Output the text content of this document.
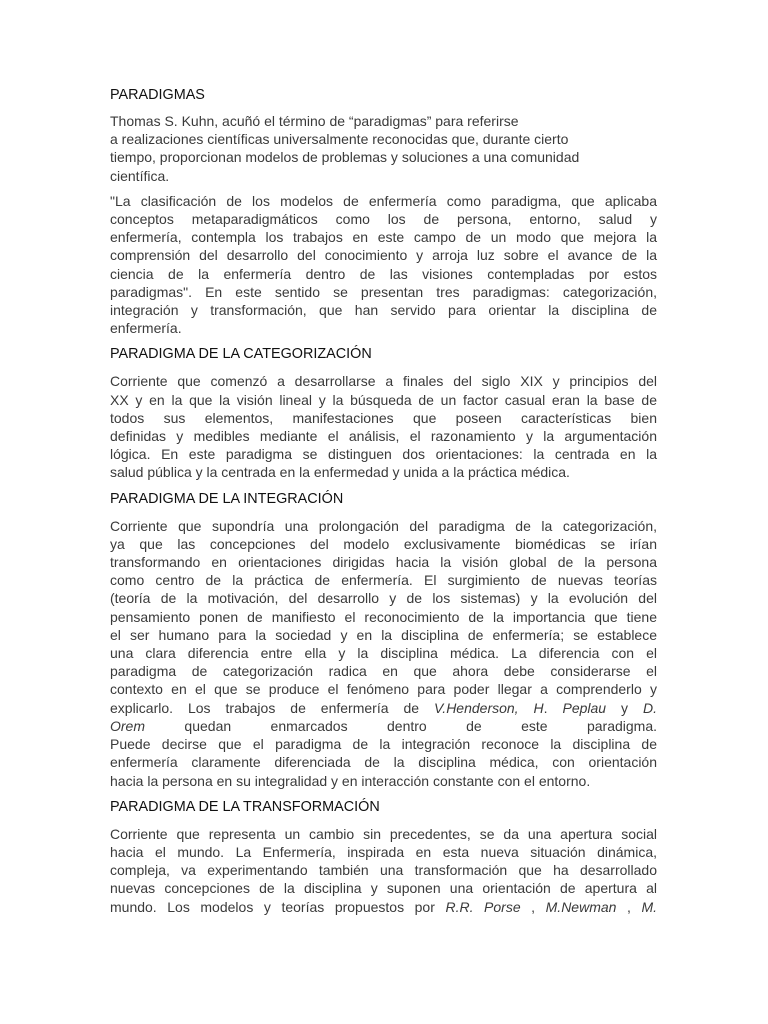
PARADIGMAS
Thomas S. Kuhn, acuñó el término de “paradigmas” para referirse
a realizaciones científicas universalmente reconocidas que, durante cierto
tiempo, proporcionan modelos de problemas y soluciones a una comunidad
científica.
"La clasificación de los modelos de enfermería como paradigma, que aplicaba
conceptos metaparadigmáticos como los de persona, entorno, salud y
enfermería, contempla los trabajos en este campo de un modo que mejora la
comprensión del desarrollo del conocimiento y arroja luz sobre el avance de la
ciencia de la enfermería dentro de las visiones contempladas por estos
paradigmas". En este sentido se presentan tres paradigmas: categorización,
integración y transformación, que han servido para orientar la disciplina de
enfermería.
PARADIGMA DE LA CATEGORIZACIÓN
Corriente que comenzó a desarrollarse a finales del siglo XIX y principios del
XX y en la que la visión lineal y la búsqueda de un factor casual eran la base de
todos sus elementos, manifestaciones que poseen características bien
definidas y medibles mediante el análisis, el razonamiento y la argumentación
lógica. En este paradigma se distinguen dos orientaciones: la centrada en la
salud pública y la centrada en la enfermedad y unida a la práctica médica.
PARADIGMA DE LA INTEGRACIÓN
Corriente que supondría una prolongación del paradigma de la categorización,
ya que las concepciones del modelo exclusivamente biomédicas se irían
transformando en orientaciones dirigidas hacia la visión global de la persona
como centro de la práctica de enfermería. El surgimiento de nuevas teorías
(teoría de la motivación, del desarrollo y de los sistemas) y la evolución del
pensamiento ponen de manifiesto el reconocimiento de la importancia que tiene
el ser humano para la sociedad y en la disciplina de enfermería; se establece
una clara diferencia entre ella y la disciplina médica. La diferencia con el
paradigma de categorización radica en que ahora debe considerarse el
contexto en el que se produce el fenómeno para poder llegar a comprenderlo y
explicarlo. Los trabajos de enfermería de V.Henderson, H. Peplau y D.
Orem	quedan enmarcados dentro de este paradigma.
Puede decirse que el paradigma de la integración reconoce la disciplina de
enfermería claramente diferenciada de la disciplina médica, con orientación
hacia la persona en su integralidad y en interacción constante con el entorno.
PARADIGMA DE LA TRANSFORMACIÓN
Corriente que representa un cambio sin precedentes, se da una apertura social
hacia el mundo. La Enfermería, inspirada en esta nueva situación dinámica,
compleja, va experimentando también una transformación que ha desarrollado
nuevas concepciones de la disciplina y suponen una orientación de apertura al
mundo. Los modelos y teorías propuestos por R.R. Porse , M.Newman , M.
